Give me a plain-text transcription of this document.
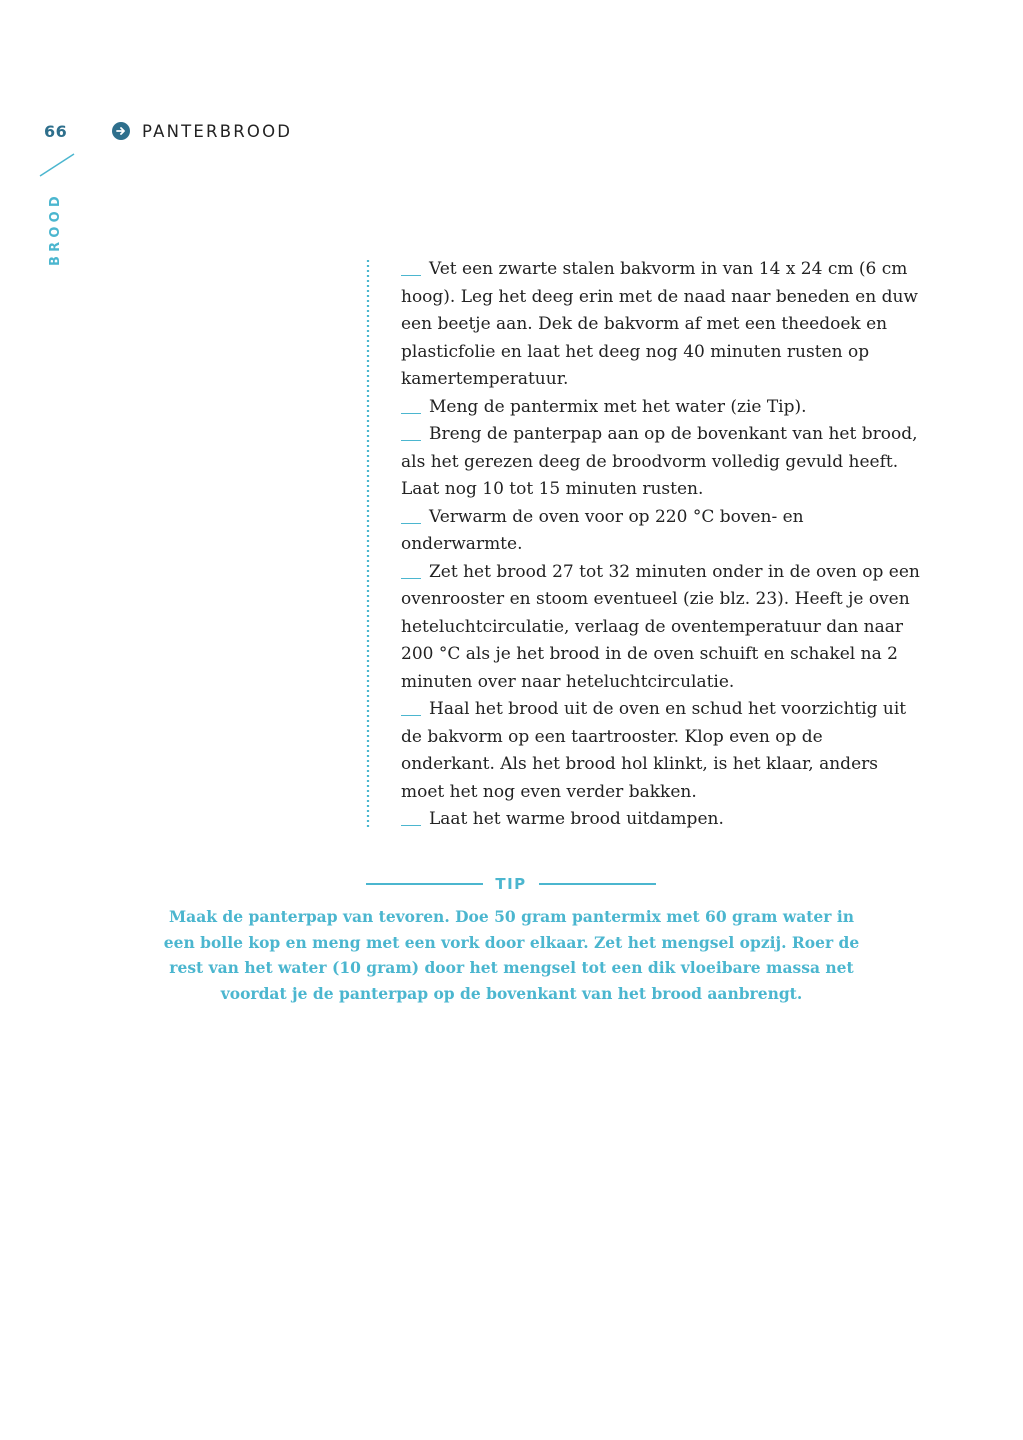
66
BROOD
PANTERBROOD

Vet een zwarte stalen bakvorm in van 14 x 24 cm (6 cm hoog). Leg het deeg erin met de naad naar beneden en duw een beetje aan. Dek de bakvorm af met een theedoek en plasticfolie en laat het deeg nog 40 minuten rusten op kamertemperatuur.

Meng de pantermix met het water (zie Tip).

Breng de panterpap aan op de bovenkant van het brood, als het gerezen deeg de broodvorm volledig gevuld heeft. Laat nog 10 tot 15 minuten rusten.

Verwarm de oven voor op 220 °C boven- en onderwarmte.

Zet het brood 27 tot 32 minuten onder in de oven op een ovenrooster en stoom eventueel (zie blz. 23). Heeft je oven heteluchtcirculatie, verlaag de oventemperatuur dan naar 200 °C als je het brood in de oven schuift en schakel na 2 minuten over naar heteluchtcirculatie.

Haal het brood uit de oven en schud het voorzichtig uit de bakvorm op een taartrooster. Klop even op de onderkant. Als het brood hol klinkt, is het klaar, anders moet het nog even verder bakken.

Laat het warme brood uitdampen.

TIP
Maak de panterpap van tevoren. Doe 50 gram pantermix met 60 gram water in een bolle kop en meng met een vork door elkaar. Zet het mengsel opzij. Roer de rest van het water (10 gram) door het mengsel tot een dik vloeibare massa net voordat je de panterpap op de bovenkant van het brood aanbrengt.
